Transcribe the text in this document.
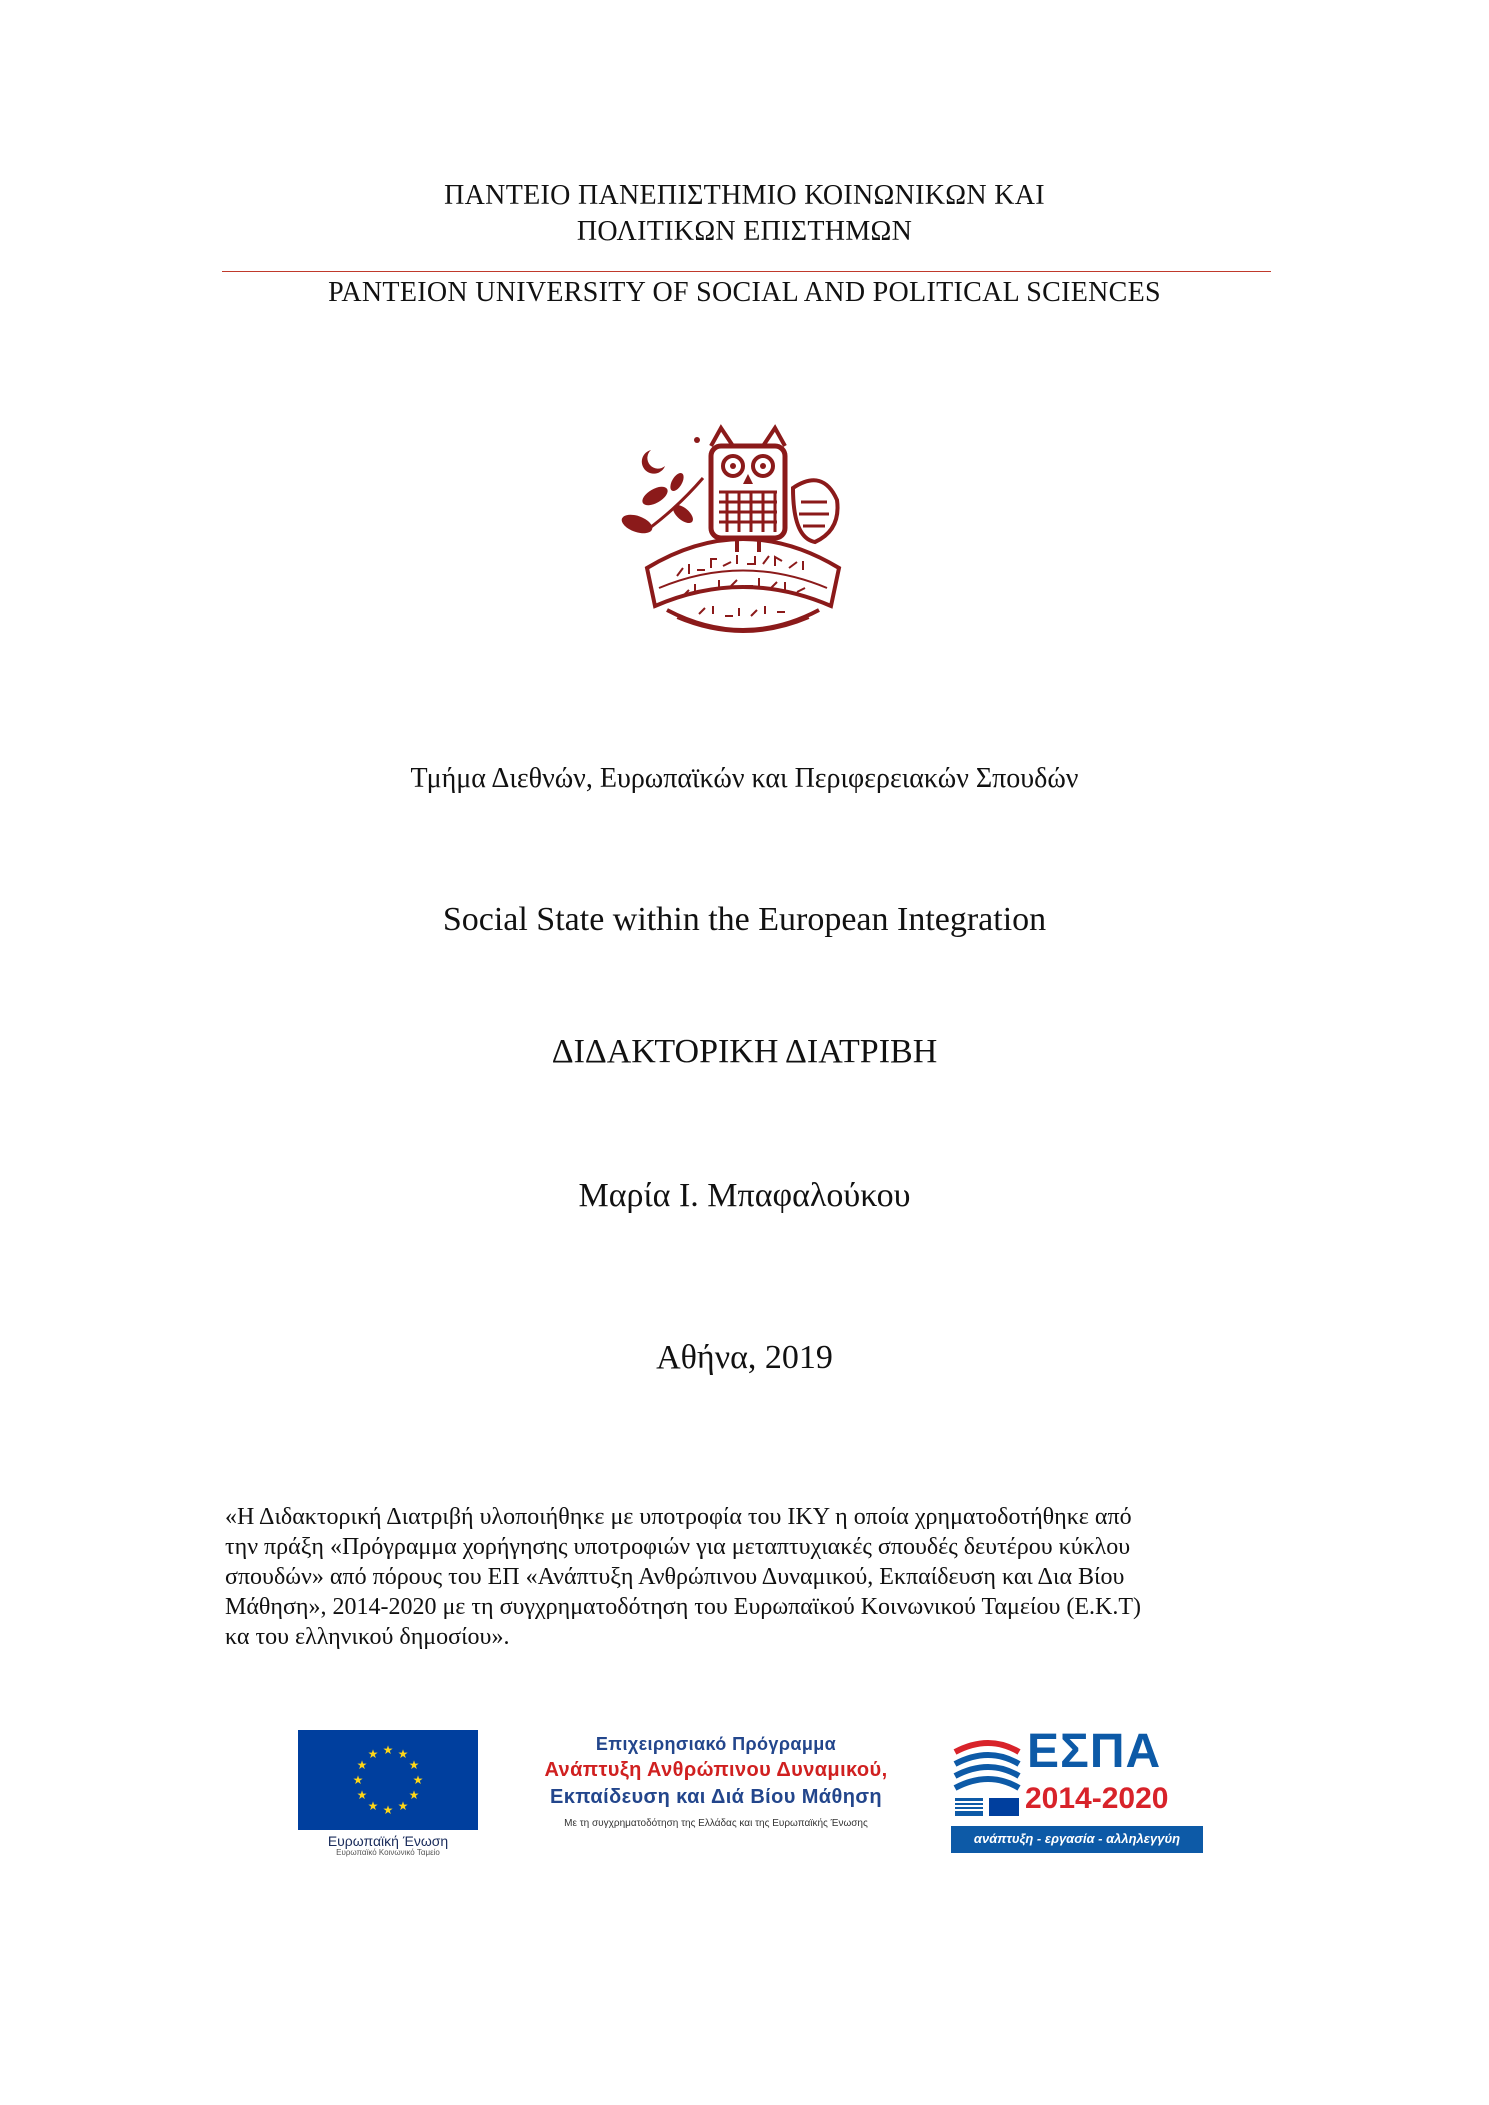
ΠΑΝΤΕΙΟ ΠΑΝΕΠΙΣΤΗΜΙΟ ΚΟΙΝΩΝΙΚΩΝ ΚΑΙ
ΠΟΛΙΤΙΚΩΝ ΕΠΙΣΤΗΜΩΝ
PANTEION UNIVERSITY OF SOCIAL AND POLITICAL SCIENCES
Τμήμα Διεθνών, Ευρωπαϊκών και Περιφερειακών Σπουδών
Social State within the European Integration
ΔΙΔΑΚΤΟΡΙΚΗ ΔΙΑΤΡΙΒΗ
Μαρία Ι. Μπαφαλούκου
Αθήνα, 2019
«Η Διδακτορική Διατριβή υλοποιήθηκε με υποτροφία του ΙΚΥ η οποία χρηματοδοτήθηκε από
την πράξη «Πρόγραμμα χορήγησης υποτροφιών για μεταπτυχιακές σπουδές δευτέρου κύκλου
σπουδών» από πόρους του ΕΠ «Ανάπτυξη Ανθρώπινου Δυναμικού, Εκπαίδευση και Δια Βίου
Μάθηση», 2014-2020 με τη συγχρηματοδότηση του Ευρωπαϊκού Κοινωνικού Ταμείου (Ε.Κ.Τ)
κα του ελληνικού δημοσίου».
★ ★
★
★
★
★
★
★
★
★
★
★
Ευρωπαϊκή Ένωση
Ευρωπαϊκό Κοινωνικό Ταμείο
Επιχειρησιακό Πρόγραμμα
Ανάπτυξη Ανθρώπινου Δυναμικού,
Εκπαίδευση και Διά Βίου Μάθηση
Με τη συγχρηματοδότηση της Ελλάδας και της Ευρωπαϊκής Ένωσης
ΕΣΠΑ
2014-2020
ανάπτυξη - εργασία - αλληλεγγύη
